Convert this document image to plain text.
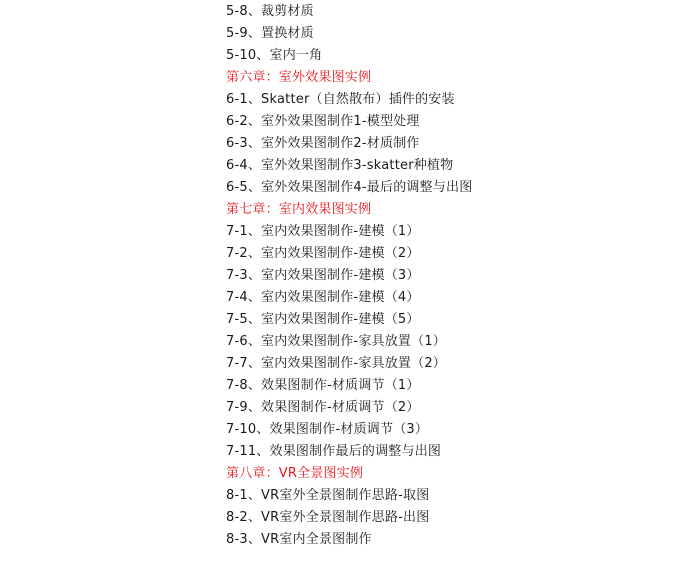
5-8、裁剪材质
5-9、置换材质
5-10、室内一角
第六章：室外效果图实例
6-1、Skatter（自然散布）插件的安装
6-2、室外效果图制作1-模型处理
6-3、室外效果图制作2-材质制作
6-4、室外效果图制作3-skatter种植物
6-5、室外效果图制作4-最后的调整与出图
第七章：室内效果图实例
7-1、室内效果图制作-建模（1）
7-2、室内效果图制作-建模（2）
7-3、室内效果图制作-建模（3）
7-4、室内效果图制作-建模（4）
7-5、室内效果图制作-建模（5）
7-6、室内效果图制作-家具放置（1）
7-7、室内效果图制作-家具放置（2）
7-8、效果图制作-材质调节（1）
7-9、效果图制作-材质调节（2）
7-10、效果图制作-材质调节（3）
7-11、效果图制作最后的调整与出图
第八章：VR全景图实例
8-1、VR室外全景图制作思路-取图
8-2、VR室外全景图制作思路-出图
8-3、VR室内全景图制作
